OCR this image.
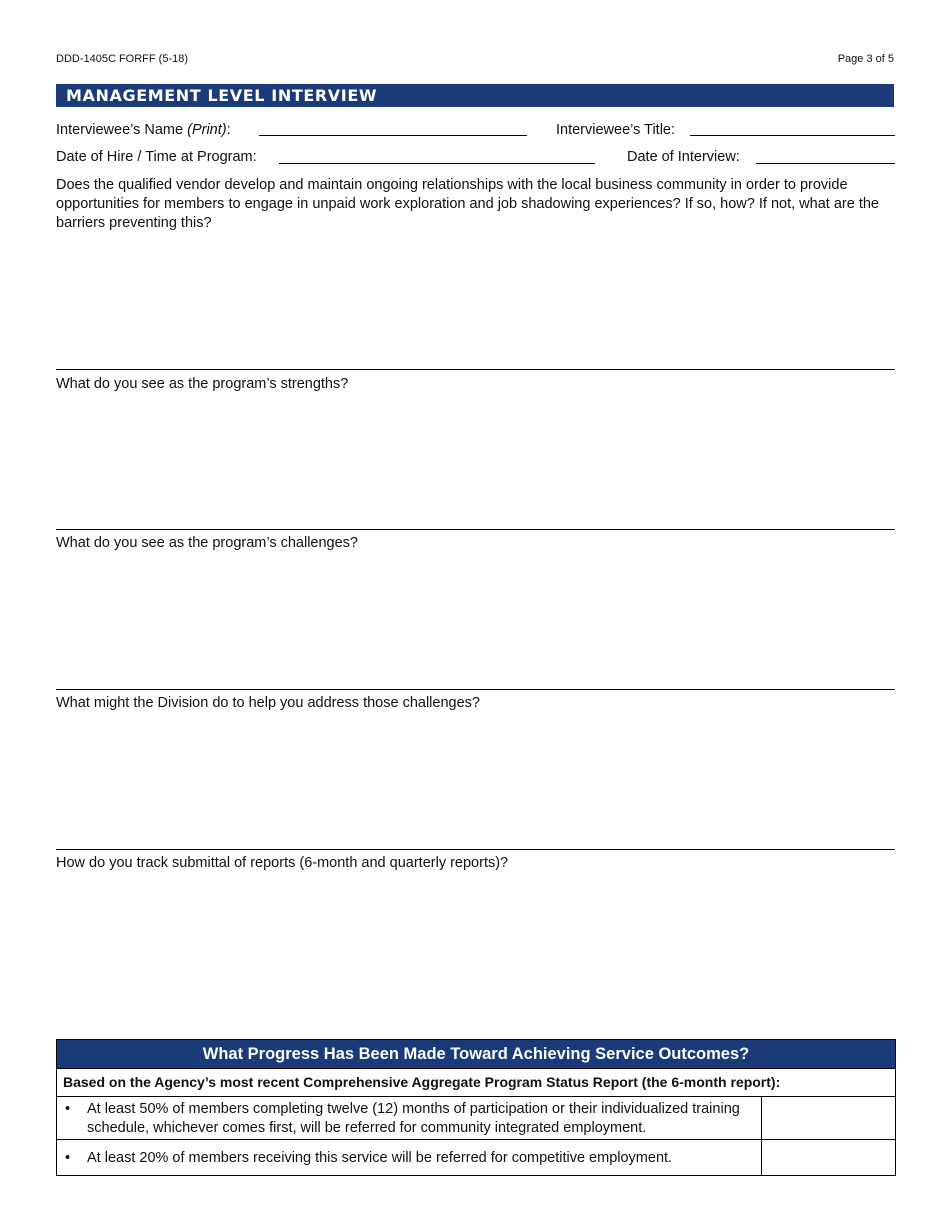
DDD-1405C FORFF (5-18)	Page 3 of 5
MANAGEMENT LEVEL INTERVIEW
Interviewee’s Name (Print):	Interviewee’s Title:
Date of Hire / Time at Program:	Date of Interview:
Does the qualified vendor develop and maintain ongoing relationships with the local business community in order to provide opportunities for members to engage in unpaid work exploration and job shadowing experiences? If so, how? If not, what are the barriers preventing this?
What do you see as the program’s strengths?
What do you see as the program’s challenges?
What might the Division do to help you address those challenges?
How do you track submittal of reports (6-month and quarterly reports)?
What Progress Has Been Made Toward Achieving Service Outcomes?
Based on the Agency’s most recent Comprehensive Aggregate Program Status Report (the 6-month report):
• At least 50% of members completing twelve (12) months of participation or their individualized training schedule, whichever comes first, will be referred for community integrated employment.
• At least 20% of members receiving this service will be referred for competitive employment.
